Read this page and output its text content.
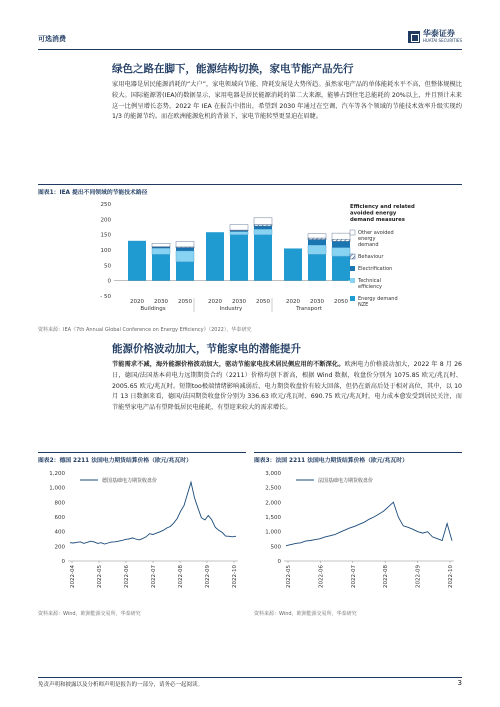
可选消费
华泰证券
HUATAI SECURITIES
绿色之路在脚下，能源结构切换，家电节能产品先行

家用电器是居民能源消耗的“大户”，家电领域向节能、降耗发展是大势所趋。虽然家电产品的单体能耗水平不高，但整体规模比较大。国际能源署(IEA)的数据显示，家用电器是居民能源消耗的第二大来源，能够占到住宅总能耗的 20%以上，并且预计未来这一比例呈增长态势。2022 年 IEA 在报告中指出，希望到 2030 年通过在空调、汽车等各个领域的节能技术效率升级实现约 1/3 的能源节约。而在欧洲能源危机的背景下，家电节能转型更显迫在眉睫。

图表1：IEA 提出不同领域的节能技术路径
250
200
150
100
50
0
- 50
2020 2030 2050	2020 2030 2050	2020 2030 2050
Buildings	Industry	Transport
Efficiency and related
avoided energy
demand measures
Other avoided
energy
demand
Behaviour
Electrification
Technical
efficiency
Energy demand
NZE
资料来源：IEA《7th Annual Global Conference on Energy Efficiency》（2022），华泰研究
能源价格波动加大，节能家电的潜能提升

节能需求不减，海外能源价格波动加大，驱动节能家电技术居民侧应用的不断深化。欧洲电力价格波动加大，2022 年 8 月 26 日，德国/法国基本荷电力远期期货合约（2211）价格均创下新高，根据 Wind 数据，收盘价分别为 1075.85 欧元/兆瓦时、2005.65 欧元/兆瓦时。短期too极端情绪影响减弱后，电力期货收盘价有较大回落，但仍在新高后处于相对高位，其中，以 10 月 13 日数据来看，德国/法国期货收盘价分别为 336.63 欧元/兆瓦时、690.75 欧元/兆瓦时，电力成本愈发受到居民关注，而节能型家电产品有望降低居民电能耗，有望迎来较大的需求增长。

图表2：德国 2211 法国电力期货结算价格（欧元/兆瓦时）
1,200
1,000
800
600
400
200
0
德国基础电力期货收盘价
2022-04	2022-05	2022-06	2022-07	2022-08	2022-09	2022-10
资料来源：Wind，欧洲能源交易所，华泰研究
图表3：法国 2211 法国电力期货结算价格（欧元/兆瓦时）
3,000
2,500
2,000
1,500
1,000
500
0
法国基础电力期货收盘价
2022-05	2022-06	2022-07	2022-08	2022-09	2022-10
资料来源：Wind，欧洲能源交易所，华泰研究
免责声明和披露以及分析师声明是报告的一部分，请务必一起阅读。	3
